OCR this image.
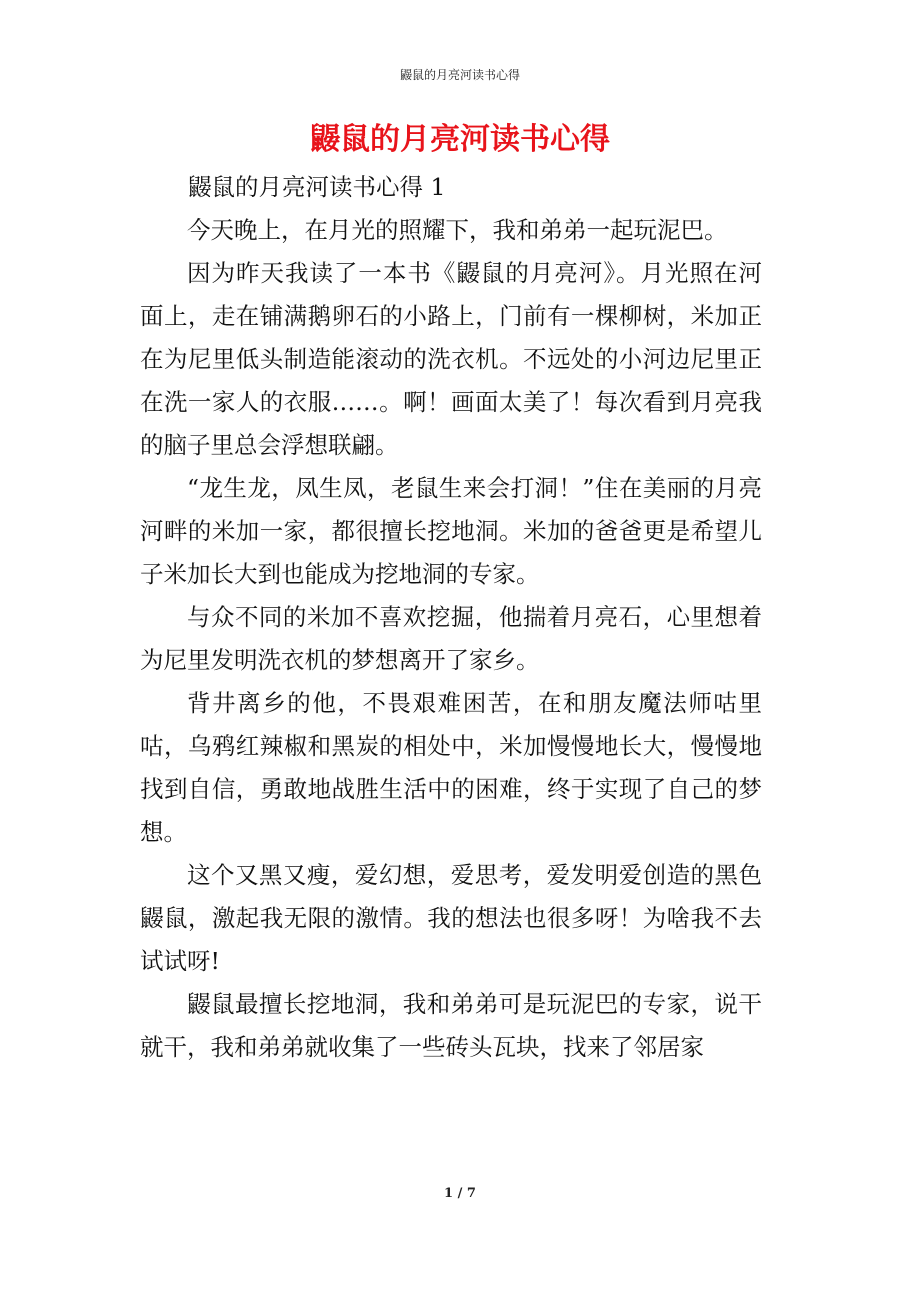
鼹鼠的月亮河读书心得
鼹鼠的月亮河读书心得
鼹鼠的月亮河读书心得 1

今天晚上，在月光的照耀下，我和弟弟一起玩泥巴。

因为昨天我读了一本书《鼹鼠的月亮河》。月光照在河面上，走在铺满鹅卵石的小路上，门前有一棵柳树，米加正在为尼里低头制造能滚动的洗衣机。不远处的小河边尼里正在洗一家人的衣服……。啊！画面太美了！每次看到月亮我的脑子里总会浮想联翩。

“龙生龙，凤生凤，老鼠生来会打洞！”住在美丽的月亮河畔的米加一家，都很擅长挖地洞。米加的爸爸更是希望儿子米加长大到也能成为挖地洞的专家。

与众不同的米加不喜欢挖掘，他揣着月亮石，心里想着为尼里发明洗衣机的梦想离开了家乡。

背井离乡的他，不畏艰难困苦，在和朋友魔法师咕里咕，乌鸦红辣椒和黑炭的相处中，米加慢慢地长大，慢慢地找到自信，勇敢地战胜生活中的困难，终于实现了自己的梦想。

这个又黑又瘦，爱幻想，爱思考，爱发明爱创造的黑色鼹鼠，激起我无限的激情。我的想法也很多呀！为啥我不去试试呀!

鼹鼠最擅长挖地洞，我和弟弟可是玩泥巴的专家，说干就干，我和弟弟就收集了一些砖头瓦块，找来了邻居家

1 / 7
